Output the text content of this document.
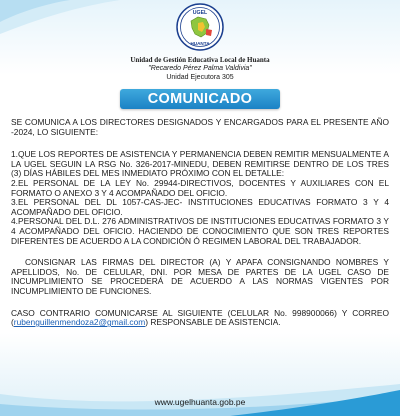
UGEL
HUANTA
Unidad de Gestión Educativa Local de Huanta
"Recaredo Pérez Palma Valdivia"
Unidad Ejecutora 305
COMUNICADO

SE COMUNICA A LOS DIRECTORES DESIGNADOS Y ENCARGADOS PARA EL PRESENTE AÑO -2024, LO SIGUIENTE:

1.QUE LOS REPORTES DE ASISTENCIA Y PERMANENCIA DEBEN REMITIR MENSUALMENTE A LA UGEL SEGUIN LA RSG No. 326-2017-MINEDU, DEBEN REMITIRSE DENTRO DE LOS TRES (3) DÍAS HÁBILES DEL MES INMEDIATO PRÓXIMO CON EL DETALLE:
2.EL PERSONAL DE LA LEY No. 29944-DIRECTIVOS, DOCENTES Y AUXILIARES CON EL FORMATO O ANEXO 3 Y 4 ACOMPAÑADO DEL OFICIO.
3.EL PERSONAL DEL DL 1057-CAS-JEC- INSTITUCIONES EDUCATIVAS FORMATO 3 Y 4 ACOMPAÑADO DEL OFICIO.
4.PERSONAL DEL D.L. 276 ADMINISTRATIVOS DE INSTITUCIONES EDUCATIVAS FORMATO 3 Y 4 ACOMPAÑADO DEL OFICIO. HACIENDO DE CONOCIMIENTO QUE SON TRES REPORTES DIFERENTES DE ACUERDO A LA CONDICIÓN Ó REGIMEN LABORAL DEL TRABAJADOR.

CONSIGNAR LAS FIRMAS DEL DIRECTOR (A) Y APAFA CONSIGNANDO NOMBRES Y APELLIDOS, No. DE CELULAR, DNI. POR MESA DE PARTES DE LA UGEL CASO DE INCUMPLIMIENTO SE PROCEDERÁ DE ACUERDO A LAS NORMAS VIGENTES POR INCUMPLIMIENTO DE FUNCIONES.

CASO CONTRARIO COMUNICARSE AL SIGUIENTE (CELULAR No. 998900066) Y CORREO (rubenguillenmendoza2@gmail.com) RESPONSABLE DE ASISTENCIA.

www.ugelhuanta.gob.pe
